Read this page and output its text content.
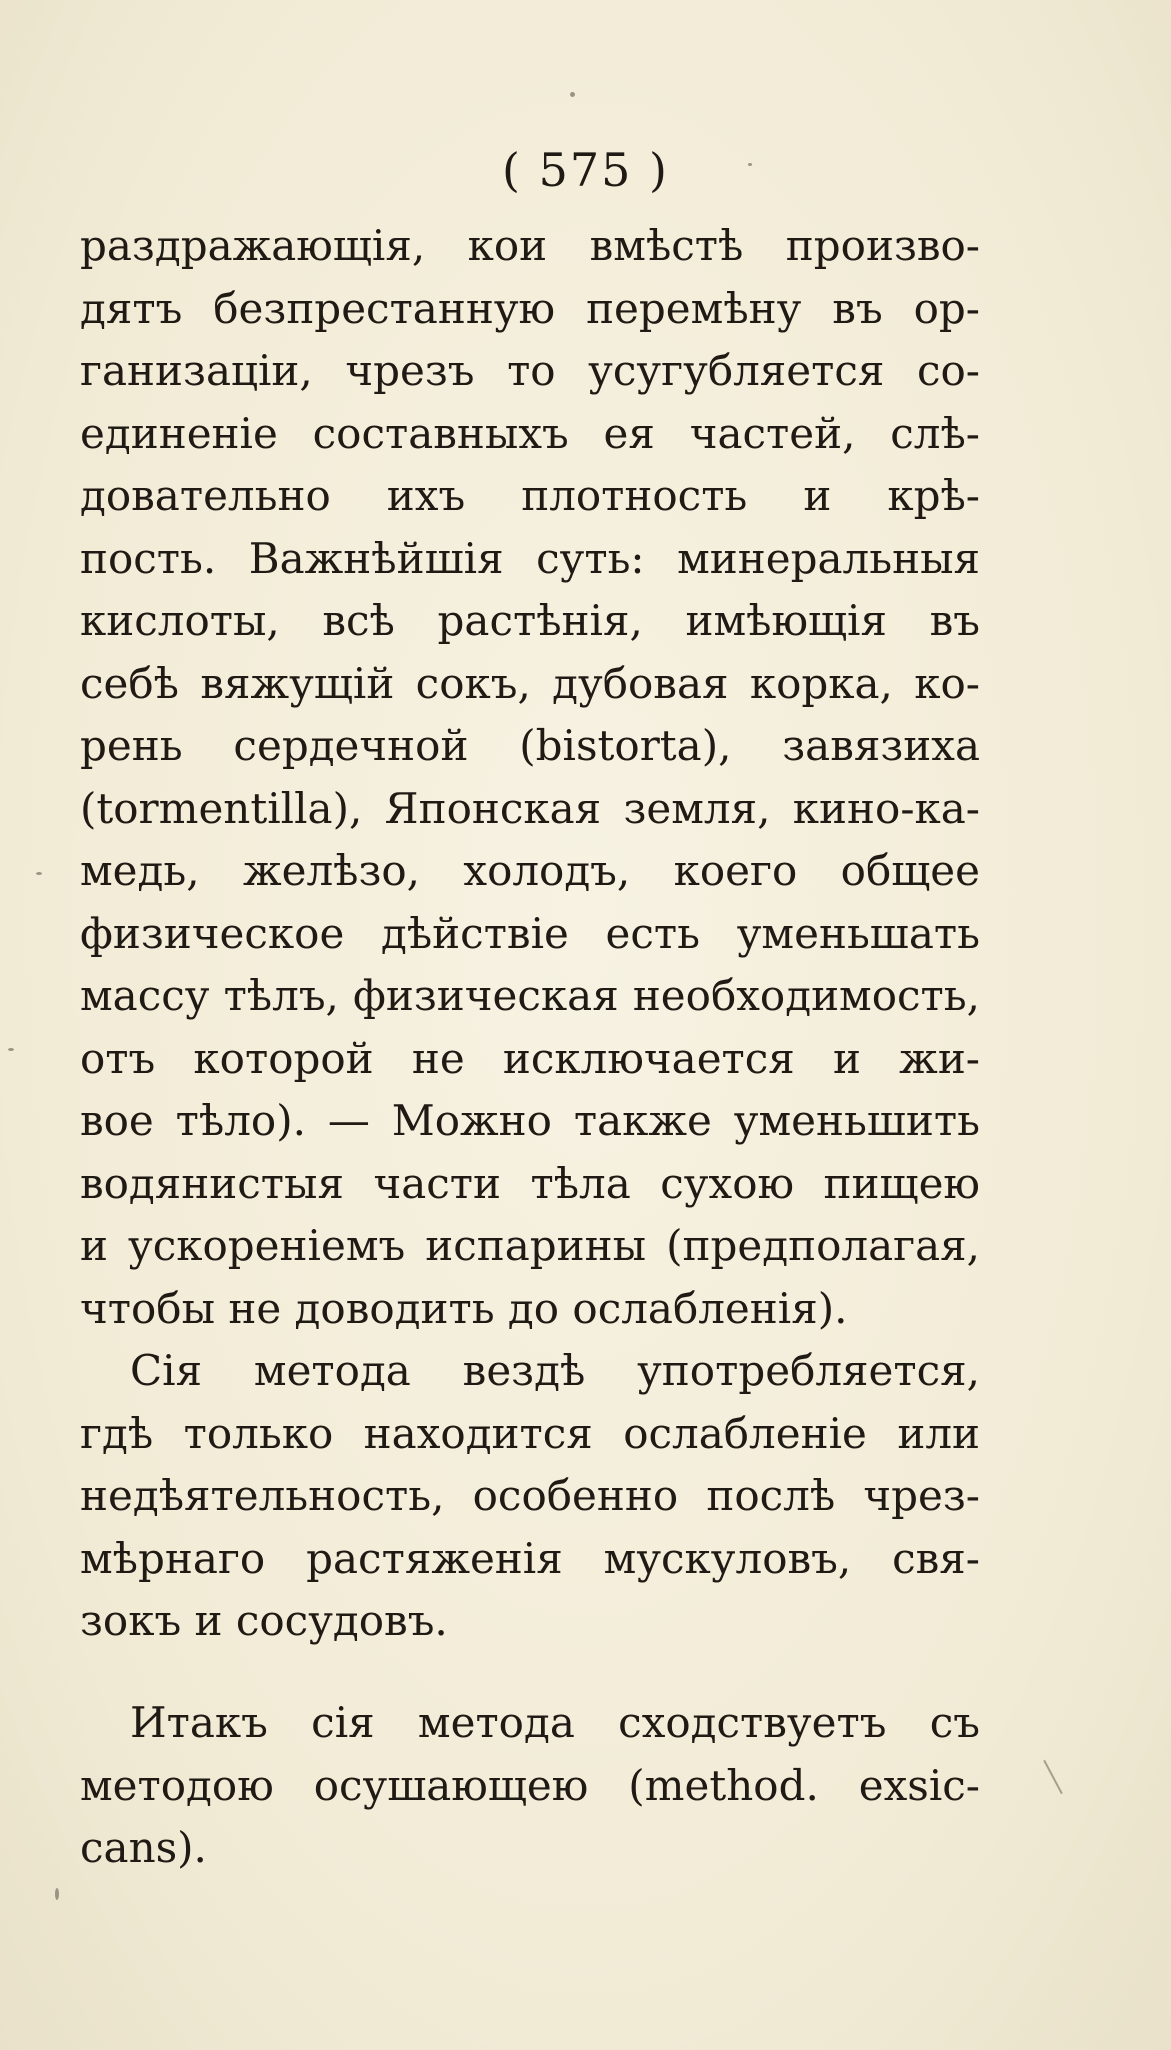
( 575 )
раздражающія, кои вмѣстѣ произво-
дятъ безпрестанную перемѣну въ ор-
ганизаціи, чрезъ то усугубляется со-
единеніе составныхъ ея частей, слѣ-
довательно ихъ плотность и крѣ-
пость. Важнѣйшія суть: минеральныя
кислоты, всѣ растѣнія, имѣющія въ
себѣ вяжущій сокъ, дубовая корка, ко-
рень сердечной (bistorta), завязиха
(tormentilla), Японская земля, кино-ка-
медь, желѣзо, холодъ, коего общее
физическое дѣйствіе есть уменьшать
массу тѣлъ, физическая необходимость,
отъ которой не исключается и жи-
вое тѣло). — Можно также уменьшить
водянистыя части тѣла сухою пищею
и ускореніемъ испарины (предполагая,
чтобы не доводить до ослабленія).
Сія метода вездѣ употребляется,
гдѣ только находится ослабленіе или
недѣятельность, особенно послѣ чрез-
мѣрнаго растяженія мускуловъ, свя-
зокъ и сосудовъ.
Итакъ сія метода сходствуетъ съ
методою осушающею (method. exsic-
cans).
